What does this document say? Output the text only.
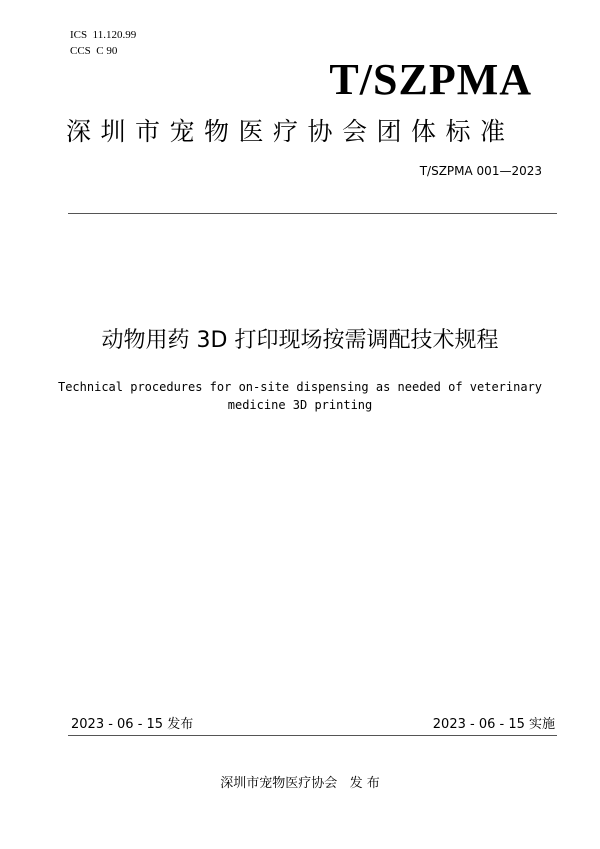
ICS  11.120.99
CCS  C 90
T/SZPMA
深圳市宠物医疗协会团体标准
T/SZPMA 001—2023
动物用药 3D 打印现场按需调配技术规程
Technical procedures for on-site dispensing as needed of veterinary
medicine 3D printing
2023 - 06 - 15 发布	2023 - 06 - 15 实施
深圳市宠物医疗协会   发 布
